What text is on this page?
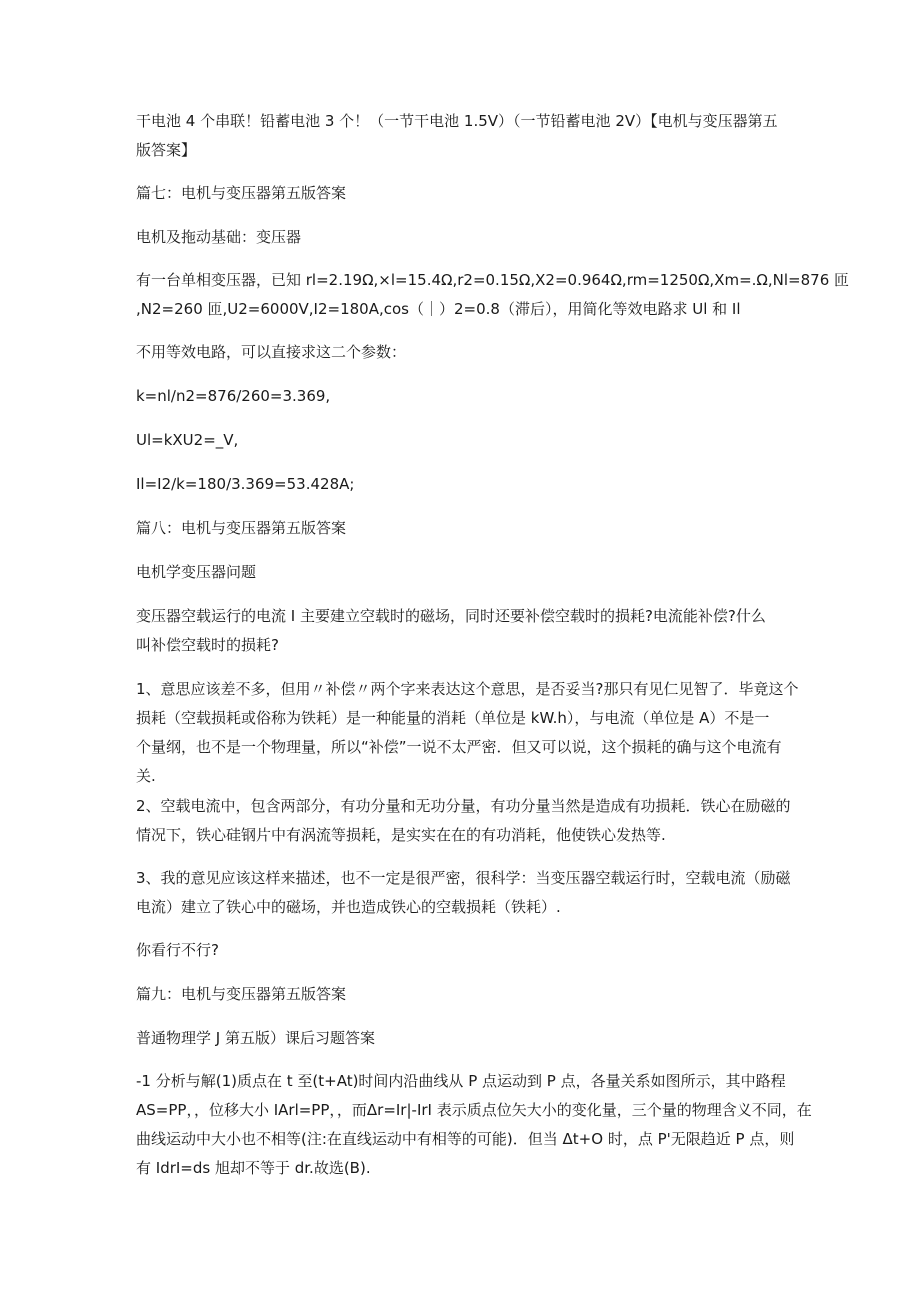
干电池 4 个串联！铅蓄电池 3 个！（一节干电池 1.5V）（一节铅蓄电池 2V）【电机与变压器第五
版答案】

篇七：电机与变压器第五版答案

电机及拖动基础：变压器

有一台单相变压器，已知 rl=2.19Ω,×l=15.4Ω,r2=0.15Ω,X2=0.964Ω,rm=1250Ω,Xm=.Ω,Nl=876 匝
,N2=260 匝,U2=6000V,I2=180A,cos（｜）2=0.8（滞后），用简化等效电路求 Ul 和 Il

不用等效电路，可以直接求这二个参数：

k=nl∕n2=876∕260=3.369,

Ul=kXU2=_V,

Il=I2∕k=180∕3.369=53.428A;

篇八：电机与变压器第五版答案

电机学变压器问题

变压器空载运行的电流 I 主要建立空载时的磁场，同时还要补偿空载时的损耗?电流能补偿?什么
叫补偿空载时的损耗?

1、意思应该差不多，但用〃补偿〃两个字来表达这个意思，是否妥当?那只有见仁见智了．毕竟这个
损耗（空载损耗或俗称为铁耗）是一种能量的消耗（单位是 kW.h），与电流（单位是 A）不是一
个量纲，也不是一个物理量，所以“补偿”一说不太严密．但又可以说，这个损耗的确与这个电流有
关.

2、空载电流中，包含两部分，有功分量和无功分量，有功分量当然是造成有功损耗．铁心在励磁的
情况下，铁心硅钢片中有涡流等损耗，是实实在在的有功消耗，他使铁心发热等.

3、我的意见应该这样来描述，也不一定是很严密，很科学：当变压器空载运行时，空载电流（励磁
电流）建立了铁心中的磁场，并也造成铁心的空载损耗（铁耗）.

你看行不行?

篇九：电机与变压器第五版答案

普通物理学 J 第五版）课后习题答案

-1 分析与解(1)质点在 t 至(t+At)时间内沿曲线从 P 点运动到 P 点，各量关系如图所示，其中路程
AS=PP，，位移大小 IArl=PP，，而Δr=Ir|-IrI 表示质点位矢大小的变化量，三个量的物理含义不同，在
曲线运动中大小也不相等(注:在直线运动中有相等的可能)．但当 Δt+O 时，点 P'无限趋近 P 点，则
有 IdrI=ds 旭却不等于 dr.故选(B).
